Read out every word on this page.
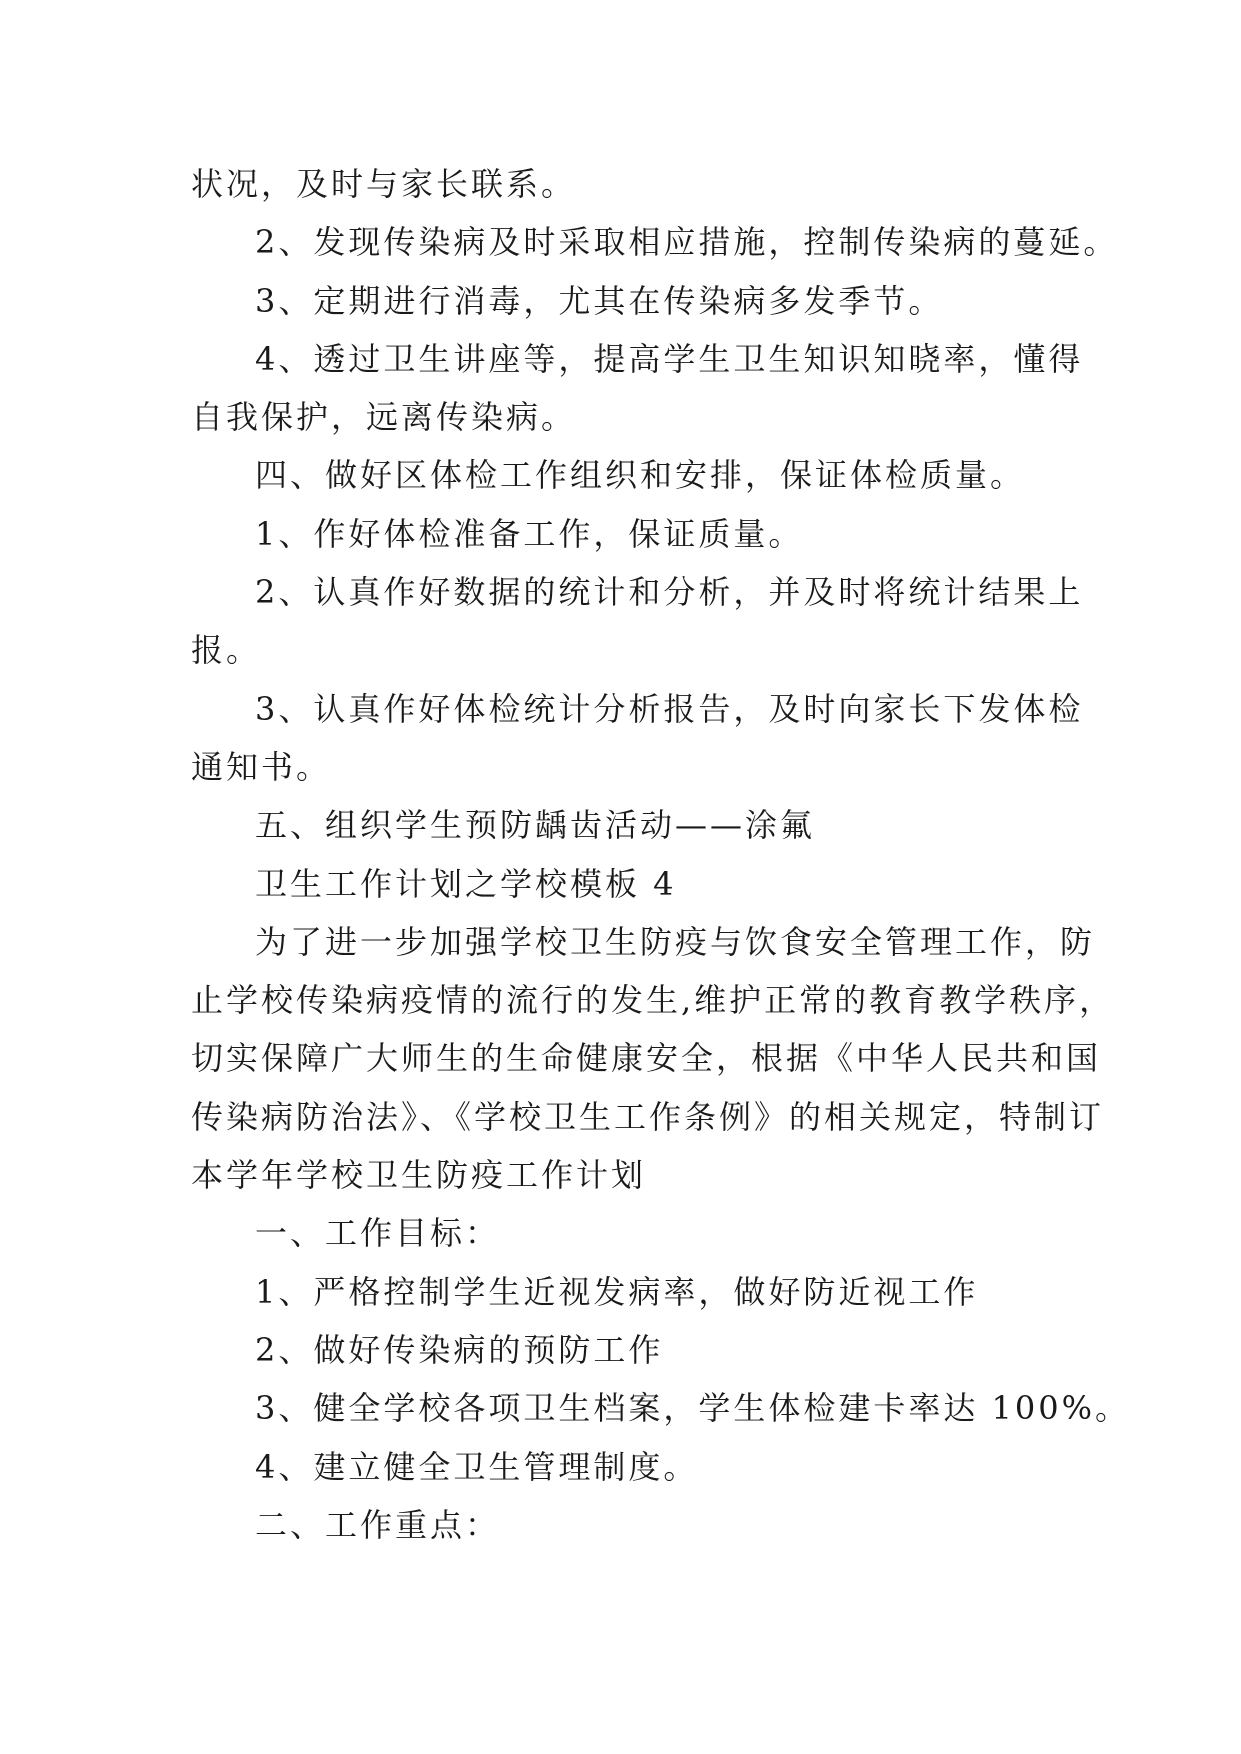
状况，及时与家长联系。

2、发现传染病及时采取相应措施，控制传染病的蔓延。

3、定期进行消毒，尤其在传染病多发季节。

4、透过卫生讲座等，提高学生卫生知识知晓率，懂得

自我保护，远离传染病。

四、做好区体检工作组织和安排，保证体检质量。

1、作好体检准备工作，保证质量。

2、认真作好数据的统计和分析，并及时将统计结果上

报。

3、认真作好体检统计分析报告，及时向家长下发体检

通知书。

五、组织学生预防龋齿活动——涂氟

卫生工作计划之学校模板 4

为了进一步加强学校卫生防疫与饮食安全管理工作，防

止学校传染病疫情的流行的发生,维护正常的教育教学秩序，

切实保障广大师生的生命健康安全，根据《中华人民共和国

传染病防治法》、《学校卫生工作条例》的相关规定，特制订

本学年学校卫生防疫工作计划

一、工作目标：

1、严格控制学生近视发病率，做好防近视工作

2、做好传染病的预防工作

3、健全学校各项卫生档案，学生体检建卡率达 100%。

4、建立健全卫生管理制度。

二、工作重点：
